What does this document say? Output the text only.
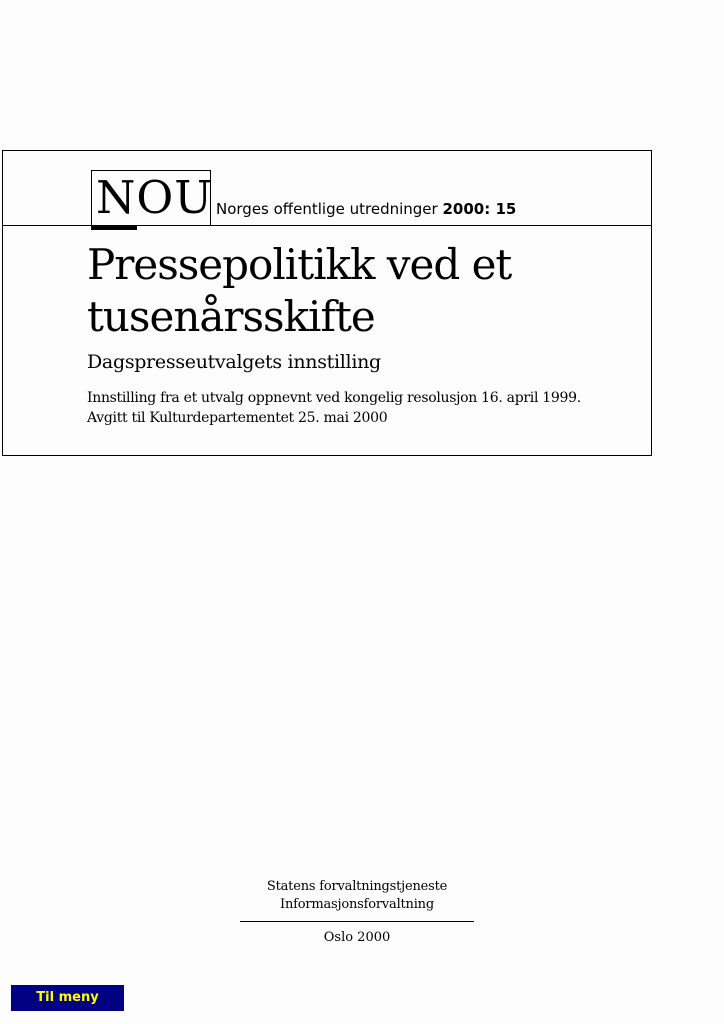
NOU Norges offentlige utredninger 2000: 15
Pressepolitikk ved et tusenårsskifte
Dagspresseutvalgets innstilling
Innstilling fra et utvalg oppnevnt ved kongelig resolusjon 16. april 1999.
Avgitt til Kulturdepartementet 25. mai 2000
Statens forvaltningstjeneste
Informasjonsforvaltning
Oslo 2000
Til meny
